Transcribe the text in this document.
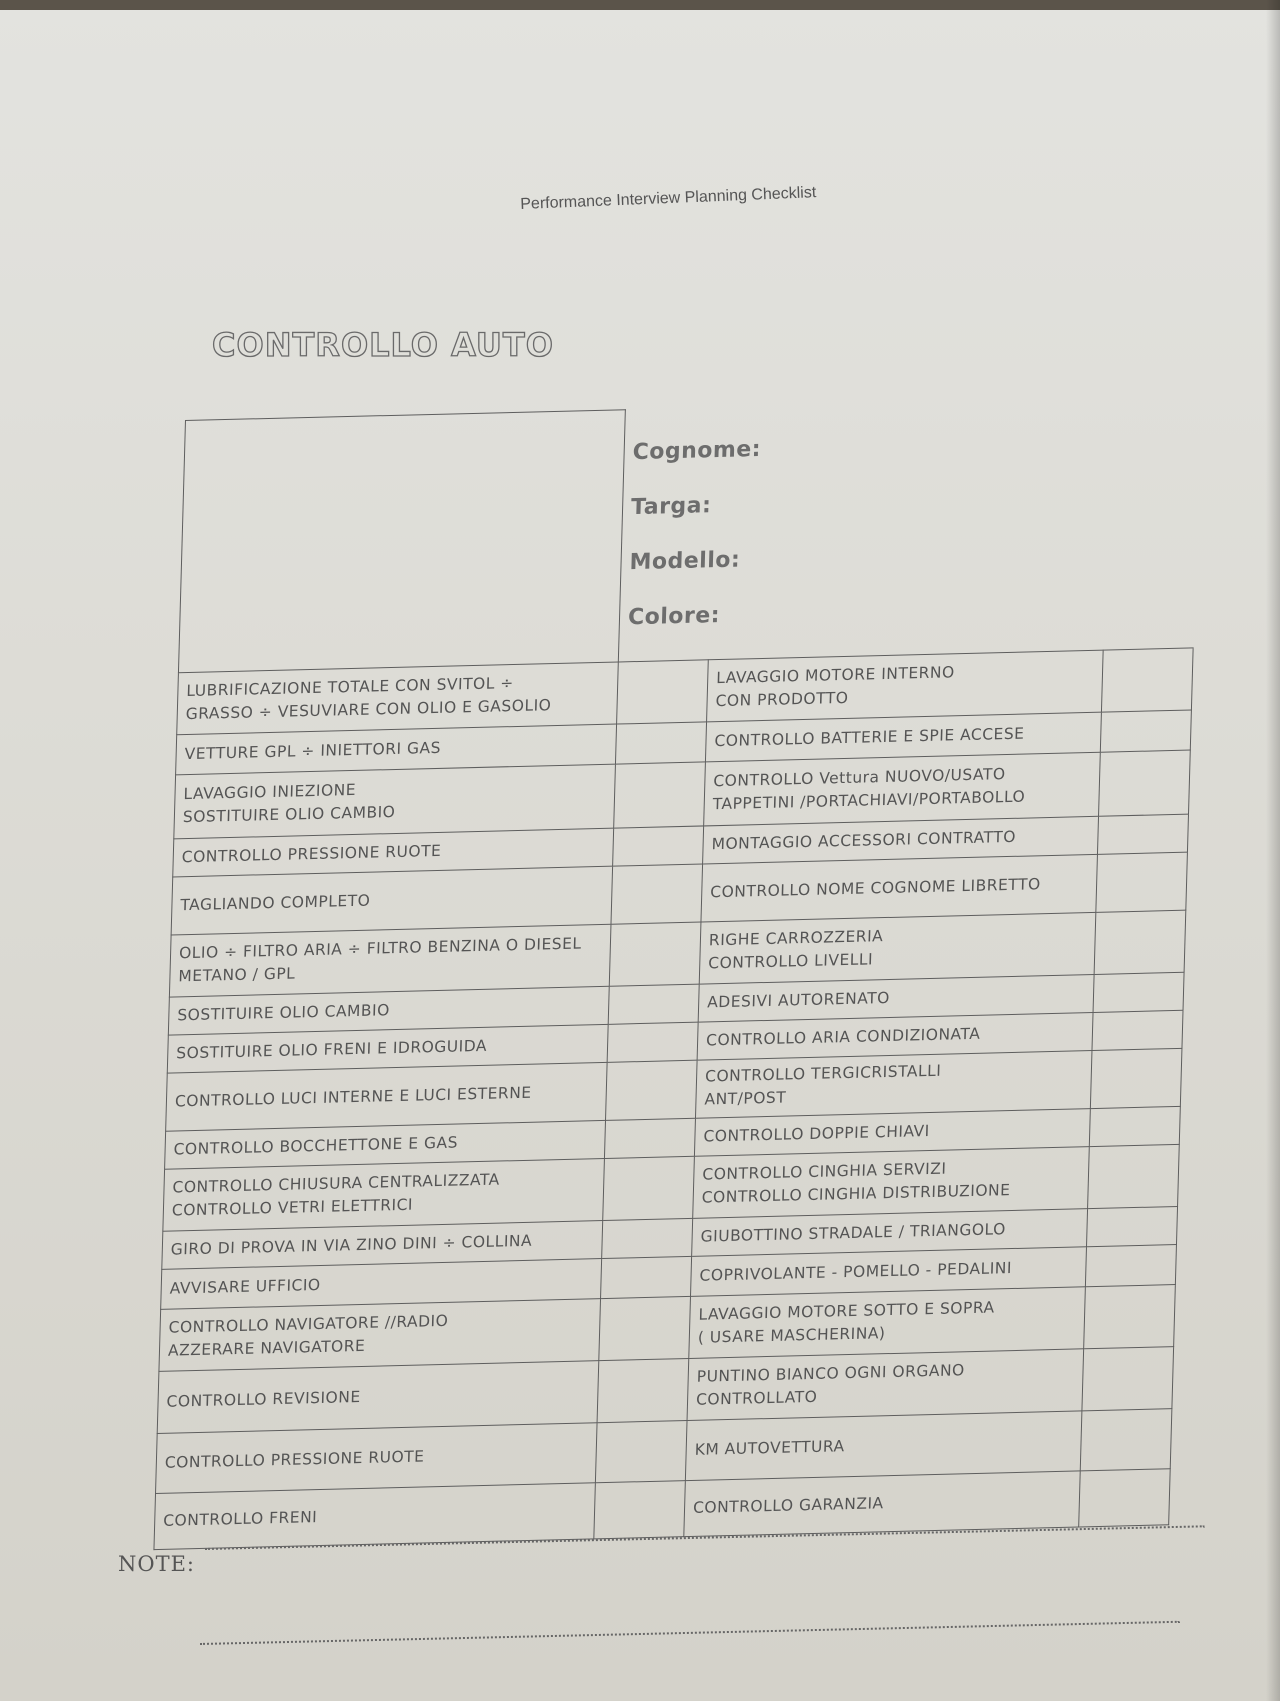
Performance Interview Planning Checklist
CONTROLLO AUTO

	Cognome:

Targa:

Modello:

Colore:		

LUBRIFICAZIONE TOTALE CON SVITOL ÷
GRASSO ÷ VESUVIARE CON OLIO E GASOLIO		LAVAGGIO MOTORE INTERNO
CON PRODOTTO	
VETTURE GPL ÷ INIETTORI GAS		CONTROLLO BATTERIE E SPIE ACCESE	
LAVAGGIO INIEZIONE
SOSTITUIRE OLIO CAMBIO		CONTROLLO Vettura NUOVO/USATO
TAPPETINI /PORTACHIAVI/PORTABOLLO	
CONTROLLO PRESSIONE RUOTE		MONTAGGIO ACCESSORI CONTRATTO	
TAGLIANDO COMPLETO		CONTROLLO NOME COGNOME LIBRETTO	
OLIO ÷ FILTRO ARIA ÷ FILTRO BENZINA O DIESEL
METANO / GPL		RIGHE CARROZZERIA
CONTROLLO LIVELLI	
SOSTITUIRE OLIO CAMBIO		ADESIVI AUTORENATO	
SOSTITUIRE OLIO FRENI E IDROGUIDA		CONTROLLO ARIA CONDIZIONATA	
CONTROLLO LUCI INTERNE E LUCI ESTERNE		CONTROLLO TERGICRISTALLI
ANT/POST	
CONTROLLO BOCCHETTONE E GAS		CONTROLLO DOPPIE CHIAVI	
CONTROLLO CHIUSURA CENTRALIZZATA
CONTROLLO VETRI ELETTRICI		CONTROLLO CINGHIA SERVIZI
CONTROLLO CINGHIA DISTRIBUZIONE	
GIRO DI PROVA IN VIA ZINO DINI ÷ COLLINA		GIUBOTTINO STRADALE / TRIANGOLO	
AVVISARE UFFICIO		COPRIVOLANTE - POMELLO - PEDALINI	
CONTROLLO NAVIGATORE //RADIO
AZZERARE NAVIGATORE		LAVAGGIO MOTORE SOTTO E SOPRA
( USARE MASCHERINA)	
CONTROLLO REVISIONE		PUNTINO BIANCO OGNI ORGANO
CONTROLLATO	
CONTROLLO PRESSIONE RUOTE		KM AUTOVETTURA	
CONTROLLO FRENI		CONTROLLO GARANZIA	
NOTE:
